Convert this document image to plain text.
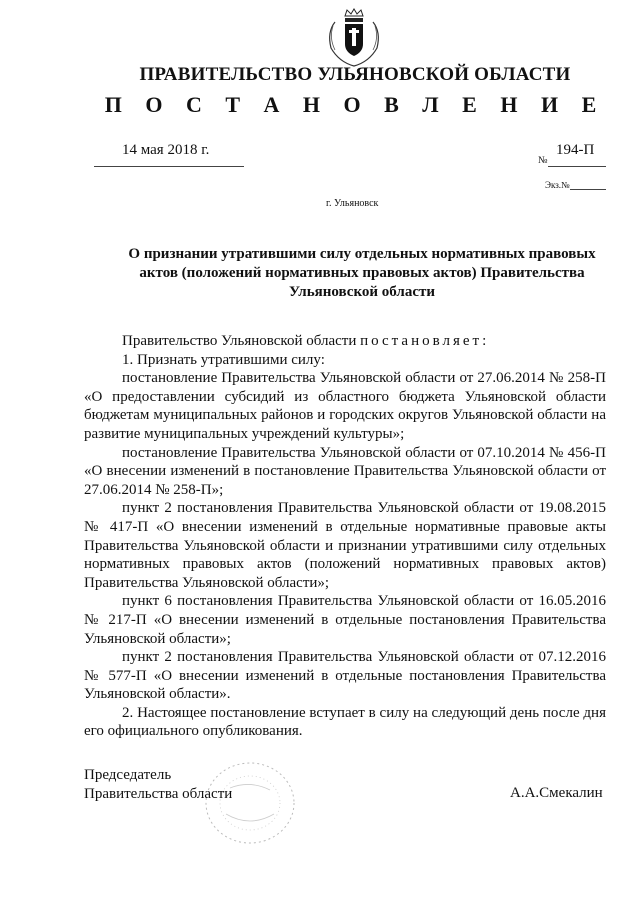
ПРАВИТЕЛЬСТВО УЛЬЯНОВСКОЙ ОБЛАСТИ
П О С Т А Н О В Л Е Н И Е
14 мая 2018 г.	194-П
№
Экз.№
г. Ульяновск
О признании утратившими силу отдельных нормативных правовых актов (положений нормативных правовых актов) Правительства Ульяновской области

Правительство Ульяновской области постановляет:

1. Признать утратившими силу:

постановление Правительства Ульяновской области от 27.06.2014 № 258-П «О предоставлении субсидий из областного бюджета Ульяновской области бюджетам муниципальных районов и городских округов Ульяновской области на развитие муниципальных учреждений культуры»;

постановление Правительства Ульяновской области от 07.10.2014 № 456-П «О внесении изменений в постановление Правительства Ульяновской области от 27.06.2014 № 258-П»;

пункт 2 постановления Правительства Ульяновской области от 19.08.2015 № 417-П «О внесении изменений в отдельные нормативные правовые акты Правительства Ульяновской области и признании утратившими силу отдельных нормативных правовых актов (положений нормативных правовых актов) Правительства Ульяновской области»;

пункт 6 постановления Правительства Ульяновской области от 16.05.2016 № 217-П «О внесении изменений в отдельные постановления Правительства Ульяновской области»;

пункт 2 постановления Правительства Ульяновской области от 07.12.2016 № 577-П «О внесении изменений в отдельные постановления Правительства Ульяновской области».

2. Настоящее постановление вступает в силу на следующий день после дня его официального опубликования.

Председатель
Правительства области	А.А.Смекалин
